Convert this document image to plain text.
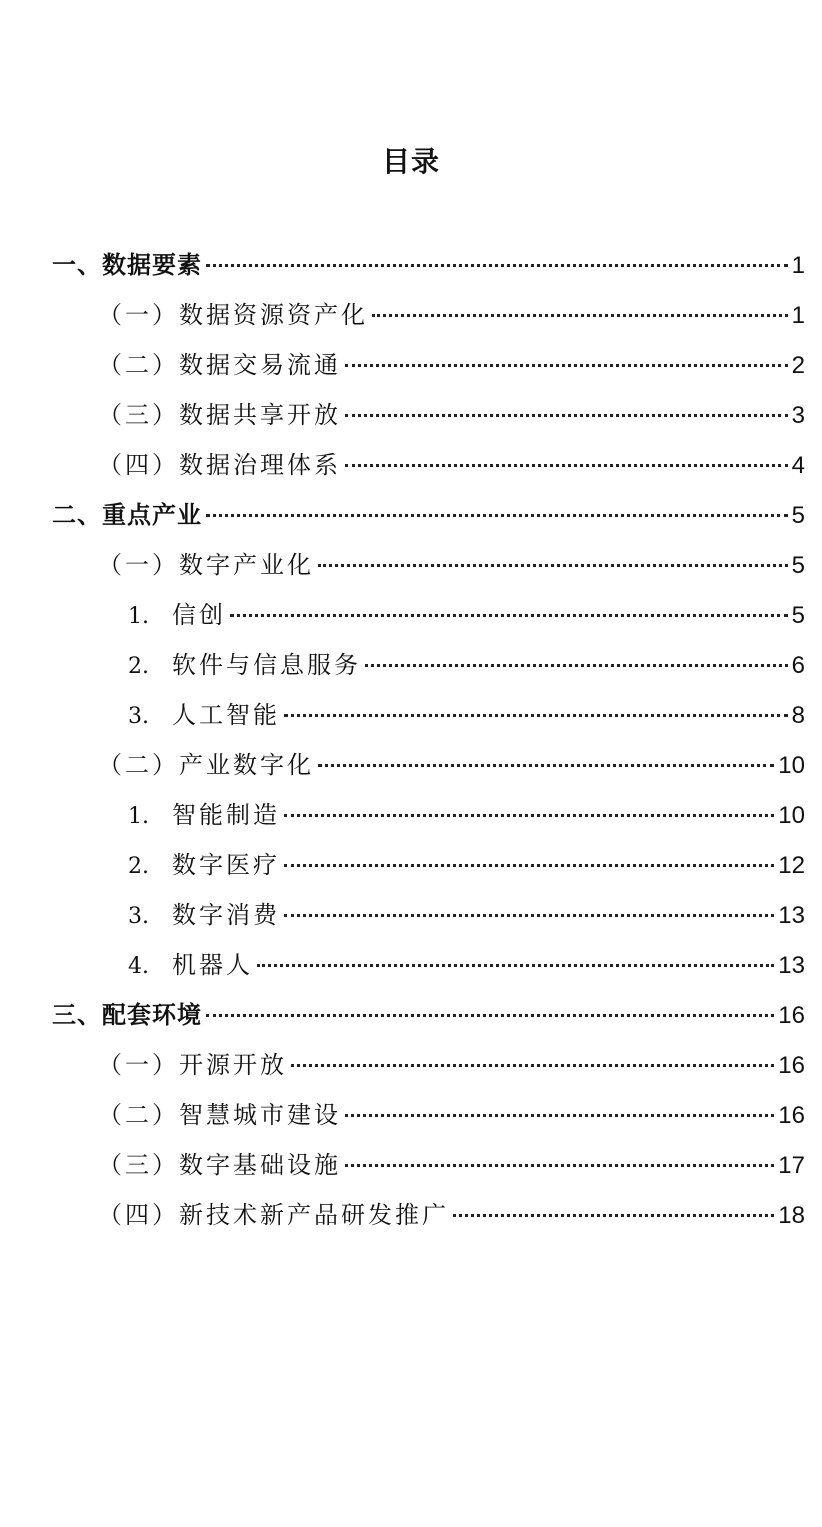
目录
一、数据要素	1
（一）数据资源资产化	1
（二）数据交易流通	2
（三）数据共享开放	3
（四）数据治理体系	4
二、重点产业	5
（一）数字产业化	5
1. 信创	5
2. 软件与信息服务	6
3. 人工智能	8
（二）产业数字化	10
1. 智能制造	10
2. 数字医疗	12
3. 数字消费	13
4. 机器人	13
三、配套环境	16
（一）开源开放	16
（二）智慧城市建设	16
（三）数字基础设施	17
（四）新技术新产品研发推广	18
